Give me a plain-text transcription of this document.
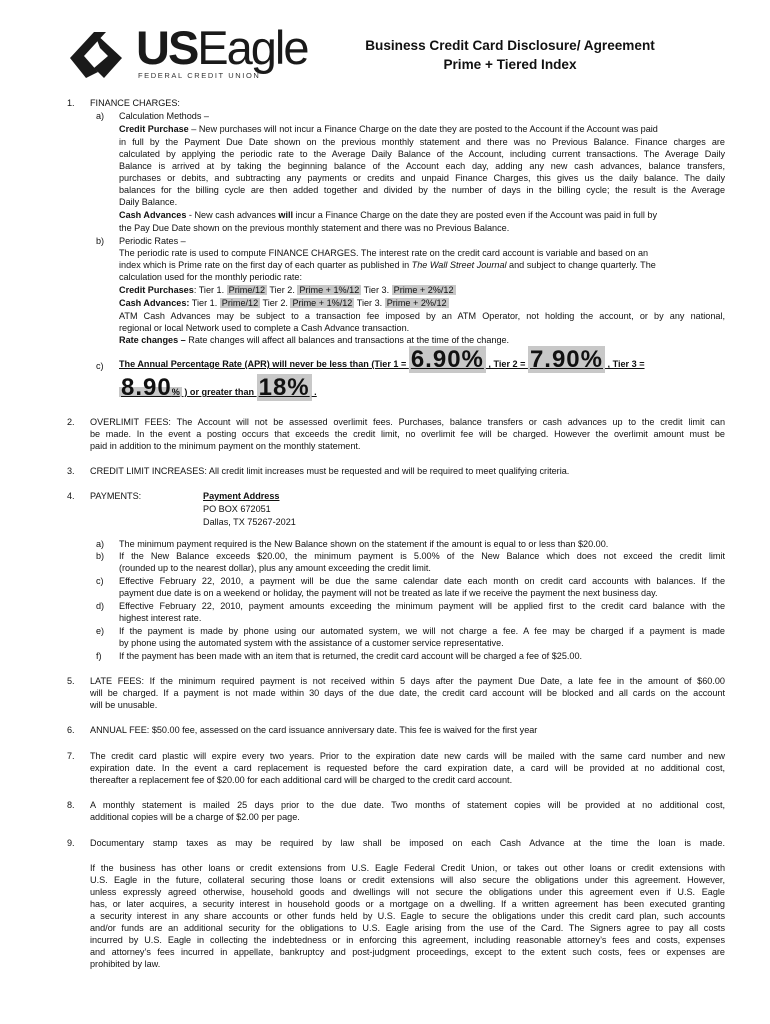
USEagle
FEDERAL CREDIT UNION
Business Credit Card Disclosure/ Agreement
Prime + Tiered Index
1. FINANCE CHARGES:
a) Calculation Methods –
Credit Purchase – New purchases will not incur a Finance Charge on the date they are posted to the Account if the Account was paid
in full by the Payment Due Date shown on the previous monthly statement and there was no Previous Balance. Finance charges are
calculated by applying the periodic rate to the Average Daily Balance of the Account, including current transactions. The Average Daily
Balance is arrived at by taking the beginning balance of the Account each day, adding any new cash advances, balance transfers,
purchases or debits, and subtracting any payments or credits and unpaid Finance Charges, this gives us the daily balance. The daily
balances for the billing cycle are then added together and divided by the number of days in the billing cycle; the result is the Average
Daily Balance.
Cash Advances - New cash advances will incur a Finance Charge on the date they are posted even if the Account was paid in full by
the Pay Due Date shown on the previous monthly statement and there was no Previous Balance.
b) Periodic Rates –
The periodic rate is used to compute FINANCE CHARGES. The interest rate on the credit card account is variable and based on an
index which is Prime rate on the first day of each quarter as published in The Wall Street Journal and subject to change quarterly. The
calculation used for the monthly periodic rate:
Credit Purchases: Tier 1. Prime/12 Tier 2. Prime + 1%/12 Tier 3. Prime + 2%/12
Cash Advances: Tier 1. Prime/12 Tier 2. Prime + 1%/12 Tier 3. Prime + 2%/12
ATM Cash Advances may be subject to a transaction fee imposed by an ATM Operator, not holding the account, or by any national,
regional or local Network used to complete a Cash Advance transaction.
Rate changes – Rate changes will affect all balances and transactions at the time of the change.
c) The Annual Percentage Rate (APR) will never be less than (Tier 1 = 6.90% , Tier 2 = 7.90% , Tier 3 =
8.90% ) or greater than 18% .
2. OVERLIMIT FEES: The Account will not be assessed overlimit fees. Purchases, balance transfers or cash advances up to the credit limit can
be made. In the event a posting occurs that exceeds the credit limit, no overlimit fee will be charged. However the overlimit amount must be
paid in addition to the minimum payment on the monthly statement.
3. CREDIT LIMIT INCREASES: All credit limit increases must be requested and will be required to meet qualifying criteria.
4. PAYMENTS:	Payment Address
PO BOX 672051
Dallas, TX 75267-2021
a) The minimum payment required is the New Balance shown on the statement if the amount is equal to or less than $20.00.
b) If the New Balance exceeds $20.00, the minimum payment is 5.00% of the New Balance which does not exceed the credit limit
(rounded up to the nearest dollar), plus any amount exceeding the credit limit.
c) Effective February 22, 2010, a payment will be due the same calendar date each month on credit card accounts with balances. If the
payment due date is on a weekend or holiday, the payment will not be treated as late if we receive the payment the next business day.
d) Effective February 22, 2010, payment amounts exceeding the minimum payment will be applied first to the credit card balance with the
highest interest rate.
e) If the payment is made by phone using our automated system, we will not charge a fee. A fee may be charged if a payment is made
by phone using the automated system with the assistance of a customer service representative.
f) If the payment has been made with an item that is returned, the credit card account will be charged a fee of $25.00.
5. LATE FEES: If the minimum required payment is not received within 5 days after the payment Due Date, a late fee in the amount of $60.00
will be charged. If a payment is not made within 30 days of the due date, the credit card account will be blocked and all cards on the account
will be unusable.
6. ANNUAL FEE: $50.00 fee, assessed on the card issuance anniversary date. This fee is waived for the first year
7. The credit card plastic will expire every two years. Prior to the expiration date new cards will be mailed with the same card number and new
expiration date. In the event a card replacement is requested before the card expiration date, a card will be provided at no additional cost,
thereafter a replacement fee of $20.00 for each additional card will be charged to the credit card account.
8. A monthly statement is mailed 25 days prior to the due date. Two months of statement copies will be provided at no additional cost,
additional copies will be a charge of $2.00 per page.
9. Documentary stamp taxes as may be required by law shall be imposed on each Cash Advance at the time the loan is made.
If the business has other loans or credit extensions from U.S. Eagle Federal Credit Union, or takes out other loans or credit extensions with
U.S. Eagle in the future, collateral securing those loans or credit extensions will also secure the obligations under this agreement. However,
unless expressly agreed otherwise, household goods and dwellings will not secure the obligations under this agreement even if U.S. Eagle
has, or later acquires, a security interest in household goods or a mortgage on a dwelling. If a written agreement has been executed granting
a security interest in any share accounts or other funds held by U.S. Eagle to secure the obligations under this credit card plan, such accounts
and/or funds are an additional security for the obligations to U.S. Eagle arising from the use of the Card. The Signers agree to pay all costs
incurred by U.S. Eagle in collecting the indebtedness or in enforcing this agreement, including reasonable attorney’s fees and costs, expenses
and attorney’s fees incurred in appellate, bankruptcy and post-judgment proceedings, except to the extent such costs, fees or expenses are
prohibited by law.
